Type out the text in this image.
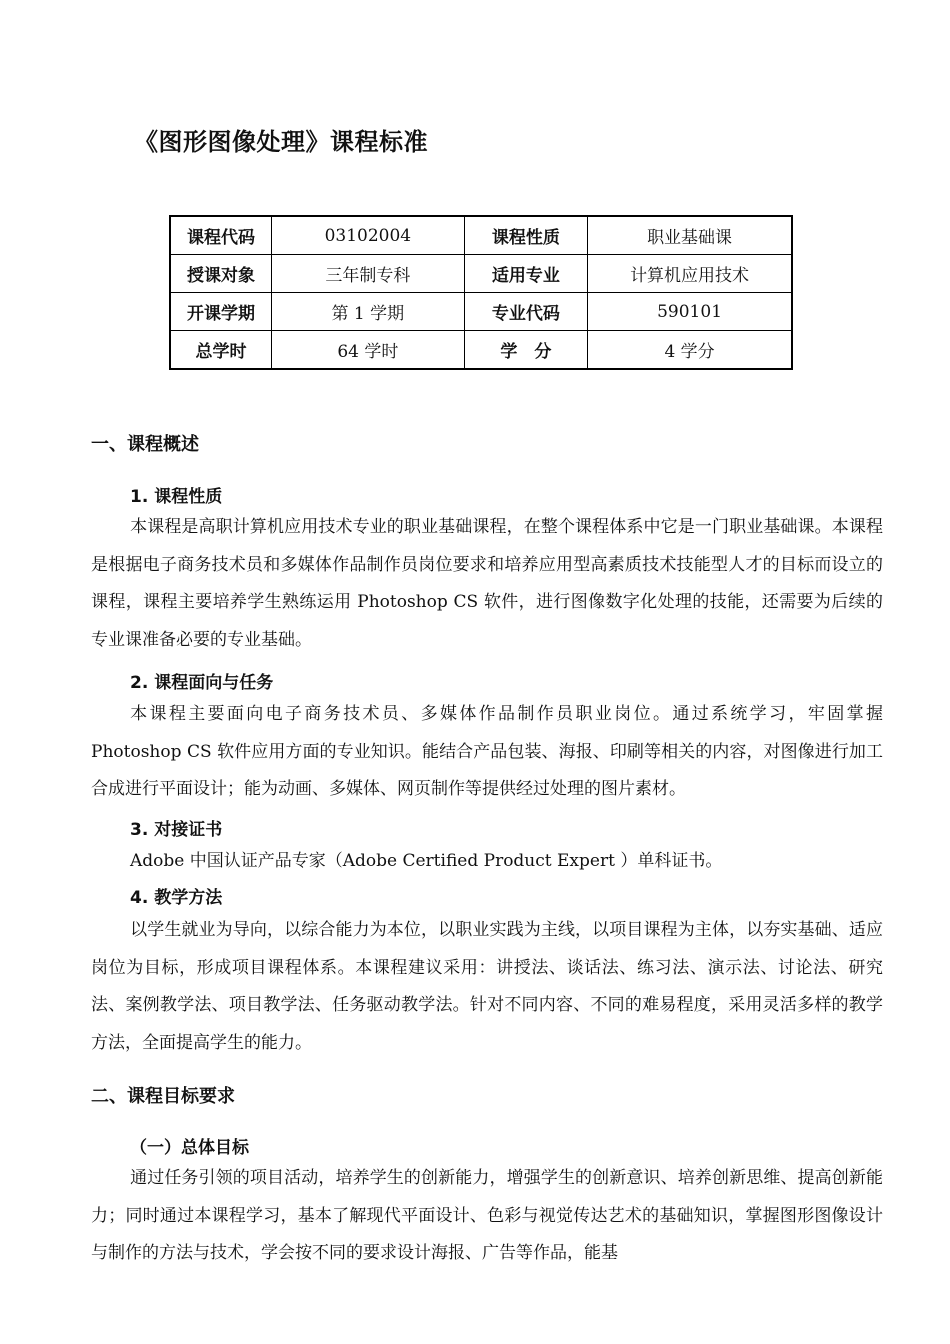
《图形图像处理》课程标准
课程代码	03102004	课程性质	职业基础课
授课对象	三年制专科	适用专业	计算机应用技术
开课学期	第 1 学期	专业代码	590101
总学时	64 学时	学　分	4 学分
一、课程概述
1. 课程性质

本课程是高职计算机应用技术专业的职业基础课程，在整个课程体系中它是一门职业基础课。本课程是根据电子商务技术员和多媒体作品制作员岗位要求和培养应用型高素质技术技能型人才的目标而设立的课程，课程主要培养学生熟练运用 Photoshop CS 软件，进行图像数字化处理的技能，还需要为后续的专业课准备必要的专业基础。

2. 课程面向与任务

本课程主要面向电子商务技术员、多媒体作品制作员职业岗位。通过系统学习，牢固掌握 Photoshop CS 软件应用方面的专业知识。能结合产品包装、海报、印刷等相关的内容，对图像进行加工合成进行平面设计；能为动画、多媒体、网页制作等提供经过处理的图片素材。

3. 对接证书
Adobe 中国认证产品专家（Adobe Certified Product Expert ）单科证书。
4. 教学方法

以学生就业为导向，以综合能力为本位，以职业实践为主线，以项目课程为主体，以夯实基础、适应岗位为目标，形成项目课程体系。本课程建议采用：讲授法、谈话法、练习法、演示法、讨论法、研究法、案例教学法、项目教学法、任务驱动教学法。针对不同内容、不同的难易程度，采用灵活多样的教学方法，全面提高学生的能力。

二、课程目标要求
（一）总体目标

通过任务引领的项目活动，培养学生的创新能力，增强学生的创新意识、培养创新思维、提高创新能力；同时通过本课程学习，基本了解现代平面设计、色彩与视觉传达艺术的基础知识，掌握图形图像设计与制作的方法与技术，学会按不同的要求设计海报、广告等作品，能基
